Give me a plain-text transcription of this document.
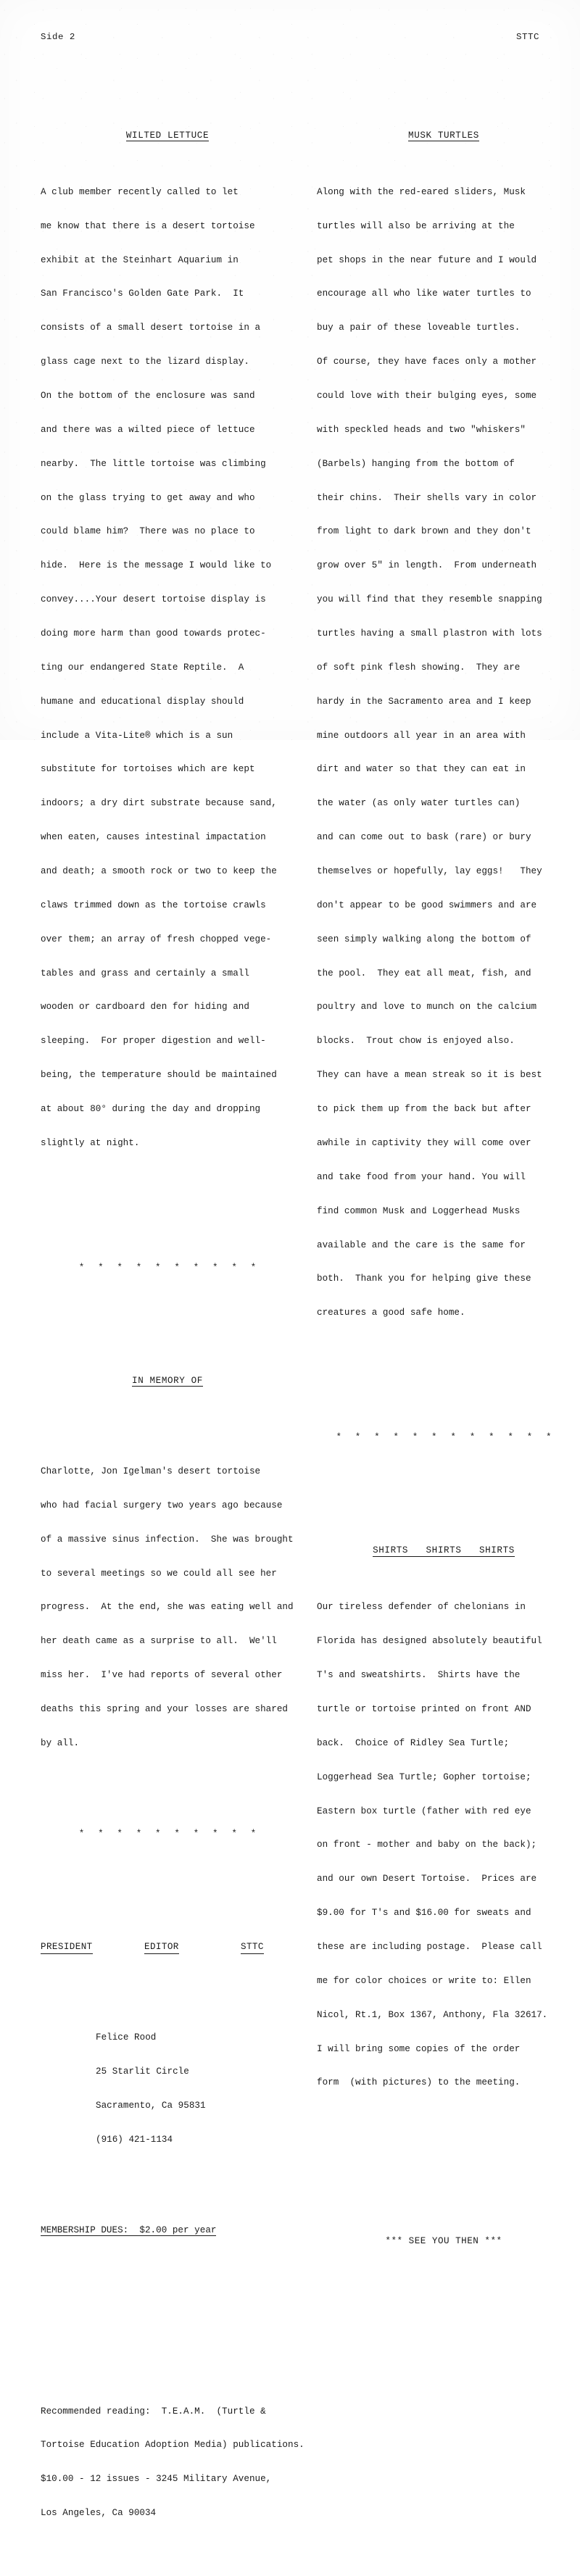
Side 2	STTC

WILTED LETTUCE

A club member recently called to let

me know that there is a desert tortoise

exhibit at the Steinhart Aquarium in

San Francisco's Golden Gate Park.  It

consists of a small desert tortoise in a

glass cage next to the lizard display.

On the bottom of the enclosure was sand

and there was a wilted piece of lettuce

nearby.  The little tortoise was climbing

on the glass trying to get away and who

could blame him?  There was no place to

hide.  Here is the message I would like to

convey....Your desert tortoise display is

doing more harm than good towards protec-

ting our endangered State Reptile.  A

humane and educational display should

include a Vita-Lite® which is a sun

substitute for tortoises which are kept

indoors; a dry dirt substrate because sand,

when eaten, causes intestinal impactation

and death; a smooth rock or two to keep the

claws trimmed down as the tortoise crawls

over them; an array of fresh chopped vege-

tables and grass and certainly a small

wooden or cardboard den for hiding and

sleeping.  For proper digestion and well-

being, the temperature should be maintained

at about 80° during the day and dropping

slightly at night.

* * * * * * * * * *

IN MEMORY OF

Charlotte, Jon Igelman's desert tortoise

who had facial surgery two years ago because

of a massive sinus infection.  She was brought

to several meetings so we could all see her

progress.  At the end, she was eating well and

her death came as a surprise to all.  We'll

miss her.  I've had reports of several other

deaths this spring and your losses are shared

by all.

* * * * * * * * * *

PRESIDENT

	EDITOR

	STTC

Felice Rood

25 Starlit Circle

Sacramento, Ca 95831

(916) 421-1134

MEMBERSHIP DUES:  $2.00 per year

Recommended reading:  T.E.A.M.  (Turtle &

Tortoise Education Adoption Media) publications.

$10.00 - 12 issues - 3245 Military Avenue,

Los Angeles, Ca 90034

MUSK TURTLES

Along with the red-eared sliders, Musk

turtles will also be arriving at the

pet shops in the near future and I would

encourage all who like water turtles to

buy a pair of these loveable turtles.

Of course, they have faces only a mother

could love with their bulging eyes, some

with speckled heads and two "whiskers"

(Barbels) hanging from the bottom of

their chins.  Their shells vary in color

from light to dark brown and they don't

grow over 5" in length.  From underneath

you will find that they resemble snapping

turtles having a small plastron with lots

of soft pink flesh showing.  They are

hardy in the Sacramento area and I keep

mine outdoors all year in an area with

dirt and water so that they can eat in

the water (as only water turtles can)

and can come out to bask (rare) or bury

themselves or hopefully, lay eggs!   They

don't appear to be good swimmers and are

seen simply walking along the bottom of

the pool.  They eat all meat, fish, and

poultry and love to munch on the calcium

blocks.  Trout chow is enjoyed also.

They can have a mean streak so it is best

to pick them up from the back but after

awhile in captivity they will come over

and take food from your hand. You will

find common Musk and Loggerhead Musks

available and the care is the same for

both.  Thank you for helping give these

creatures a good safe home.

* * * * * * * * * * * *

SHIRTS   SHIRTS   SHIRTS

Our tireless defender of chelonians in

Florida has designed absolutely beautiful

T's and sweatshirts.  Shirts have the

turtle or tortoise printed on front AND

back.  Choice of Ridley Sea Turtle;

Loggerhead Sea Turtle; Gopher tortoise;

Eastern box turtle (father with red eye

on front - mother and baby on the back);

and our own Desert Tortoise.  Prices are

$9.00 for T's and $16.00 for sweats and

these are including postage.  Please call

me for color choices or write to: Ellen

Nicol, Rt.1, Box 1367, Anthony, Fla 32617.

I will bring some copies of the order

form  (with pictures) to the meeting.

*** SEE YOU THEN ***
